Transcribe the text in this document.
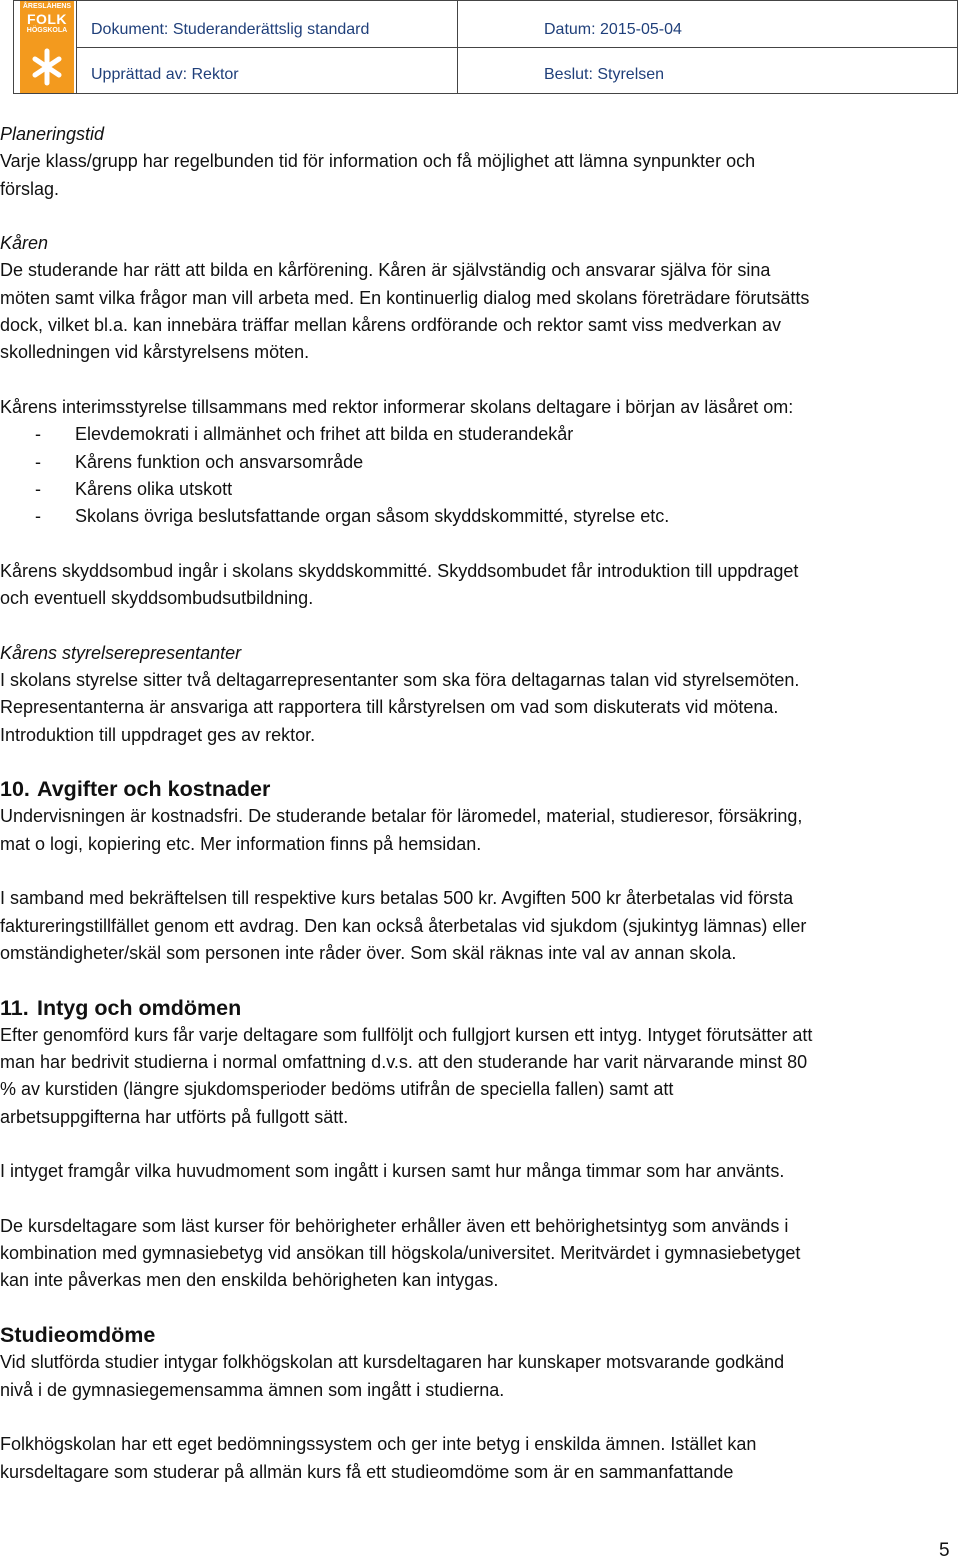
ÅRESLÄHENS
FOLK
HÖGSKOLA	Dokument: Studeranderättslig standard	Datum: 2015-05-04
Upprättad av: Rektor	Beslut: Styrelsen
Planeringstid
Varje klass/grupp har regelbunden tid för information och få möjlighet att lämna synpunkter och
förslag.
Kåren
De studerande har rätt att bilda en kårförening. Kåren är självständig och ansvarar själva för sina
möten samt vilka frågor man vill arbeta med. En kontinuerlig dialog med skolans företrädare förutsätts
dock, vilket bl.a. kan innebära träffar mellan kårens ordförande och rektor samt viss medverkan av
skolledningen vid kårstyrelsens möten.
Kårens interimsstyrelse tillsammans med rektor informerar skolans deltagare i början av läsåret om:
- Elevdemokrati i allmänhet och frihet att bilda en studerandekår
- Kårens funktion och ansvarsområde
- Kårens olika utskott
- Skolans övriga beslutsfattande organ såsom skyddskommitté, styrelse etc.
Kårens skyddsombud ingår i skolans skyddskommitté. Skyddsombudet får introduktion till uppdraget
och eventuell skyddsombudsutbildning.
Kårens styrelserepresentanter
I skolans styrelse sitter två deltagarrepresentanter som ska föra deltagarnas talan vid styrelsemöten.
Representanterna är ansvariga att rapportera till kårstyrelsen om vad som diskuterats vid mötena.
Introduktion till uppdraget ges av rektor.
10. Avgifter och kostnader
Undervisningen är kostnadsfri. De studerande betalar för läromedel, material, studieresor, försäkring,
mat o logi, kopiering etc. Mer information finns på hemsidan.
I samband med bekräftelsen till respektive kurs betalas 500 kr. Avgiften 500 kr återbetalas vid första
faktureringstillfället genom ett avdrag. Den kan också återbetalas vid sjukdom (sjukintyg lämnas) eller
omständigheter/skäl som personen inte råder över. Som skäl räknas inte val av annan skola.
11. Intyg och omdömen
Efter genomförd kurs får varje deltagare som fullföljt och fullgjort kursen ett intyg. Intyget förutsätter att
man har bedrivit studierna i normal omfattning d.v.s. att den studerande har varit närvarande minst 80
% av kurstiden (längre sjukdomsperioder bedöms utifrån de speciella fallen) samt att
arbetsuppgifterna har utförts på fullgott sätt.
I intyget framgår vilka huvudmoment som ingått i kursen samt hur många timmar som har använts.
De kursdeltagare som läst kurser för behörigheter erhåller även ett behörighetsintyg som används i
kombination med gymnasiebetyg vid ansökan till högskola/universitet. Meritvärdet i gymnasiebetyget
kan inte påverkas men den enskilda behörigheten kan intygas.
Studieomdöme
Vid slutförda studier intygar folkhögskolan att kursdeltagaren har kunskaper motsvarande godkänd
nivå i de gymnasiegemensamma ämnen som ingått i studierna.
Folkhögskolan har ett eget bedömningssystem och ger inte betyg i enskilda ämnen. Istället kan
kursdeltagare som studerar på allmän kurs få ett studieomdöme som är en sammanfattande
5
